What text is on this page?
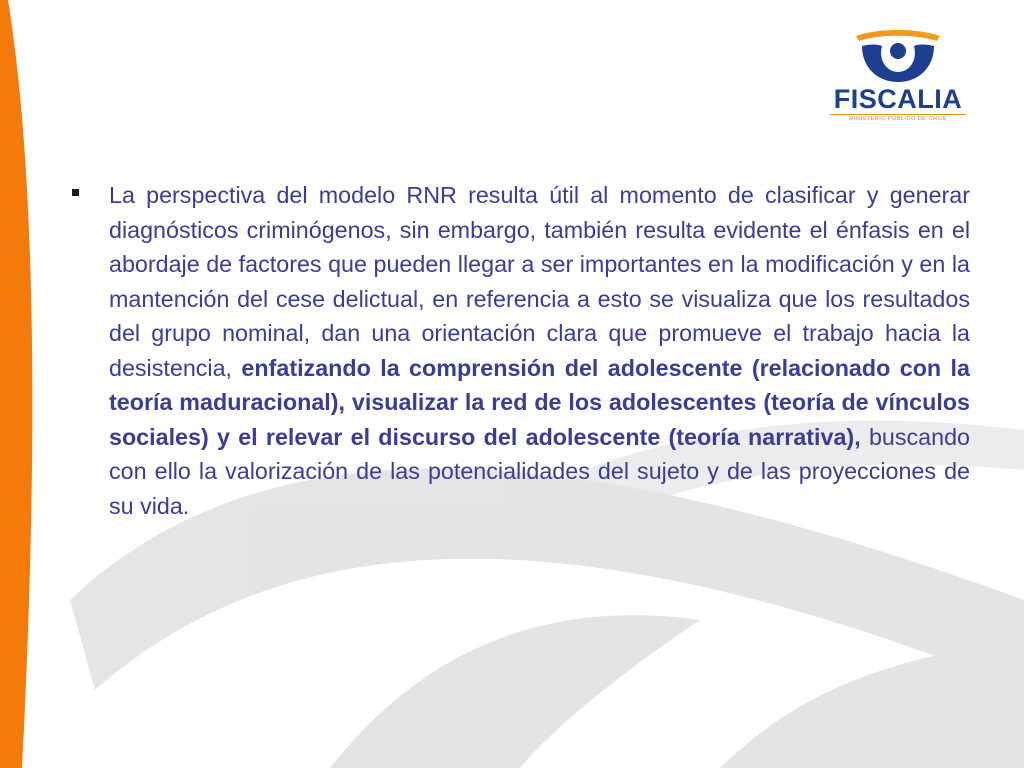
FISCALIA
MINISTERIO PÚBLICO DE CHILE

La perspectiva del modelo RNR resulta útil al momento de clasificar y generar diagnósticos criminógenos, sin embargo, también resulta evidente el énfasis en el abordaje de factores que pueden llegar a ser importantes en la modificación y en la mantención del cese delictual, en referencia a esto se visualiza que los resultados del grupo nominal, dan una orientación clara que promueve el trabajo hacia la desistencia, enfatizando la comprensión del adolescente (relacionado con la teoría maduracional), visualizar la red de los adolescentes (teoría de vínculos sociales) y el relevar el discurso del adolescente (teoría narrativa), buscando con ello la valorización de las potencialidades del sujeto y de las proyecciones de su vida.
